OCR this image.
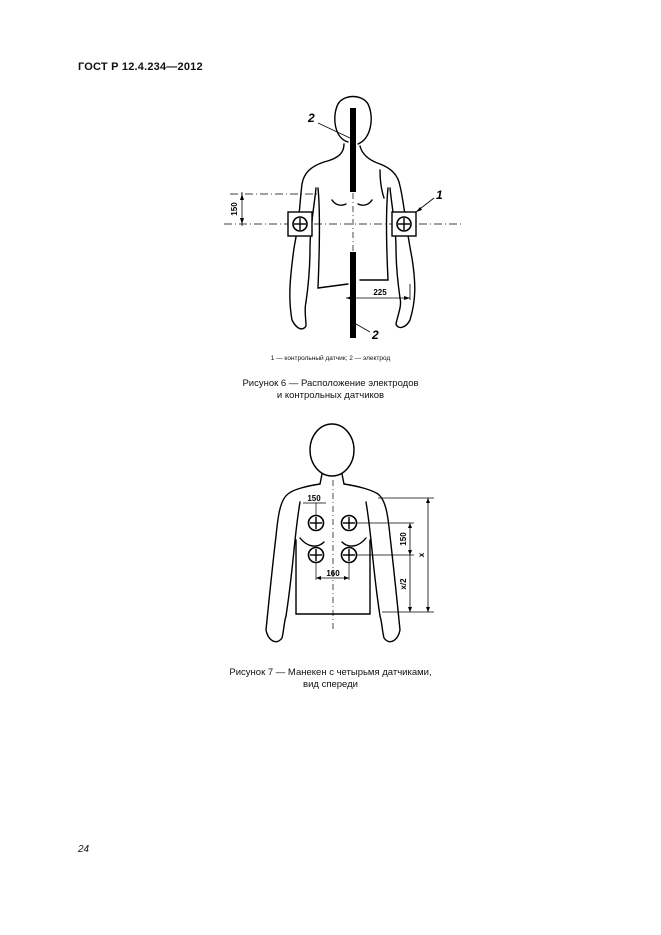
ГОСТ Р 12.4.234—2012
150
225
2
1
2
1 — контрольный датчик; 2 — электрод
Рисунок 6 — Расположение электродов
и контрольных датчиков
150
160
150
x/2
x
Рисунок 7 — Манекен с четырьмя датчиками,
вид спереди
24
